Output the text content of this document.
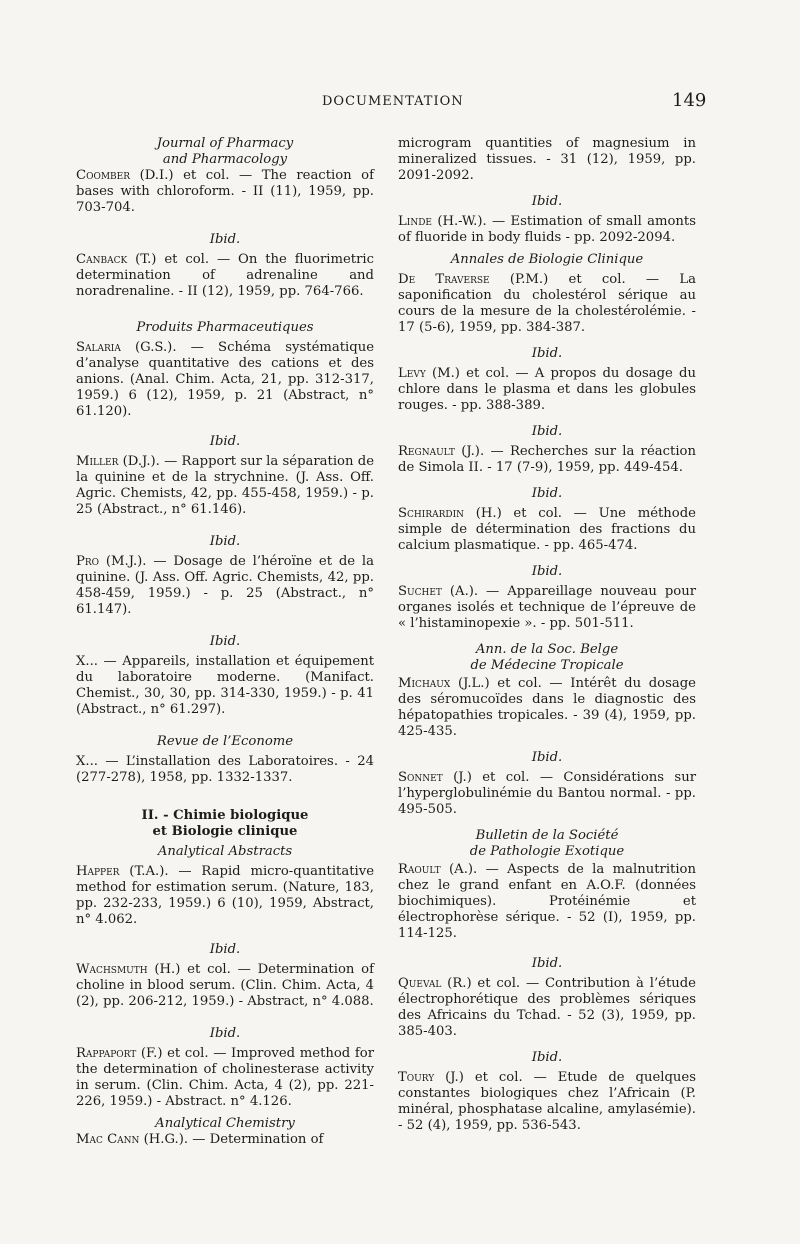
DOCUMENTATION	149
Journal of Pharmacy
and Pharmacology

Coomber (D.I.) et col. — The reaction of bases with chloroform. - II (11), 1959, pp. 703-704.

Ibid.

Canback (T.) et col. — On the fluorimetric determination of adrenaline and noradrenaline. - II (12), 1959, pp. 764-766.

Produits Pharmaceutiques

Salaria (G.S.). — Schéma systématique d’analyse quantitative des cations et des anions. (Anal. Chim. Acta, 21, pp. 312-317, 1959.) 6 (12), 1959, p. 21 (Abstract, n° 61.120).

Ibid.

Miller (D.J.). — Rapport sur la séparation de la quinine et de la strychnine. (J. Ass. Off. Agric. Chemists, 42, pp. 455-458, 1959.) - p. 25 (Abstract., n° 61.146).

Ibid.

Pro (M.J.). — Dosage de l’héroïne et de la quinine. (J. Ass. Off. Agric. Chemists, 42, pp. 458-459, 1959.) - p. 25 (Abstract., n° 61.147).

Ibid.

X... — Appareils, installation et équipement du laboratoire moderne. (Manifact. Chemist., 30, 30, pp. 314-330, 1959.) - p. 41 (Abstract., n° 61.297).

Revue de l’Econome

X... — L’installation des Laboratoires. - 24 (277-278), 1958, pp. 1332-1337.

II. - Chimie biologique
et Biologie clinique
Analytical Abstracts

Happer (T.A.). — Rapid micro-quantitative method for estimation serum. (Nature, 183, pp. 232-233, 1959.) 6 (10), 1959, Abstract, n° 4.062.

Ibid.

Wachsmuth (H.) et col. — Determination of choline in blood serum. (Clin. Chim. Acta, 4 (2), pp. 206-212, 1959.) - Abstract, n° 4.088.

Ibid.

Rappaport (F.) et col. — Improved method for the determination of cholinesterase activity in serum. (Clin. Chim. Acta, 4 (2), pp. 221-226, 1959.) - Abstract. n° 4.126.

Analytical Chemistry

Mac Cann (H.G.). — Determination of

microgram quantities of magnesium in mineralized tissues. - 31 (12), 1959, pp. 2091-2092.

Ibid.

Linde (H.-W.). — Estimation of small amonts of fluoride in body fluids - pp. 2092-2094.

Annales de Biologie Clinique

De Traverse (P.M.) et col. — La saponification du cholestérol sérique au cours de la mesure de la cholestérolémie. - 17 (5-6), 1959, pp. 384-387.

Ibid.

Levy (M.) et col. — A propos du dosage du chlore dans le plasma et dans les globules rouges. - pp. 388-389.

Ibid.

Regnault (J.). — Recherches sur la réaction de Simola II. - 17 (7-9), 1959, pp. 449-454.

Ibid.

Schirardin (H.) et col. — Une méthode simple de détermination des fractions du calcium plasmatique. - pp. 465-474.

Ibid.

Suchet (A.). — Appareillage nouveau pour organes isolés et technique de l’épreuve de « l’histaminopexie ». - pp. 501-511.

Ann. de la Soc. Belge
de Médecine Tropicale

Michaux (J.L.) et col. — Intérêt du dosage des séromucoïdes dans le diagnostic des hépatopathies tropicales. - 39 (4), 1959, pp. 425-435.

Ibid.

Sonnet (J.) et col. — Considérations sur l’hyperglobulinémie du Bantou normal. - pp. 495-505.

Bulletin de la Société
de Pathologie Exotique

Raoult (A.). — Aspects de la malnutrition chez le grand enfant en A.O.F. (données biochimiques). Protéinémie et électrophorèse sérique. - 52 (I), 1959, pp. 114-125.

Ibid.

Queval (R.) et col. — Contribution à l’étude électrophorétique des problèmes sériques des Africains du Tchad. - 52 (3), 1959, pp. 385-403.

Ibid.

Toury (J.) et col. — Etude de quelques constantes biologiques chez l’Africain (P. minéral, phosphatase alcaline, amylasémie). - 52 (4), 1959, pp. 536-543.
